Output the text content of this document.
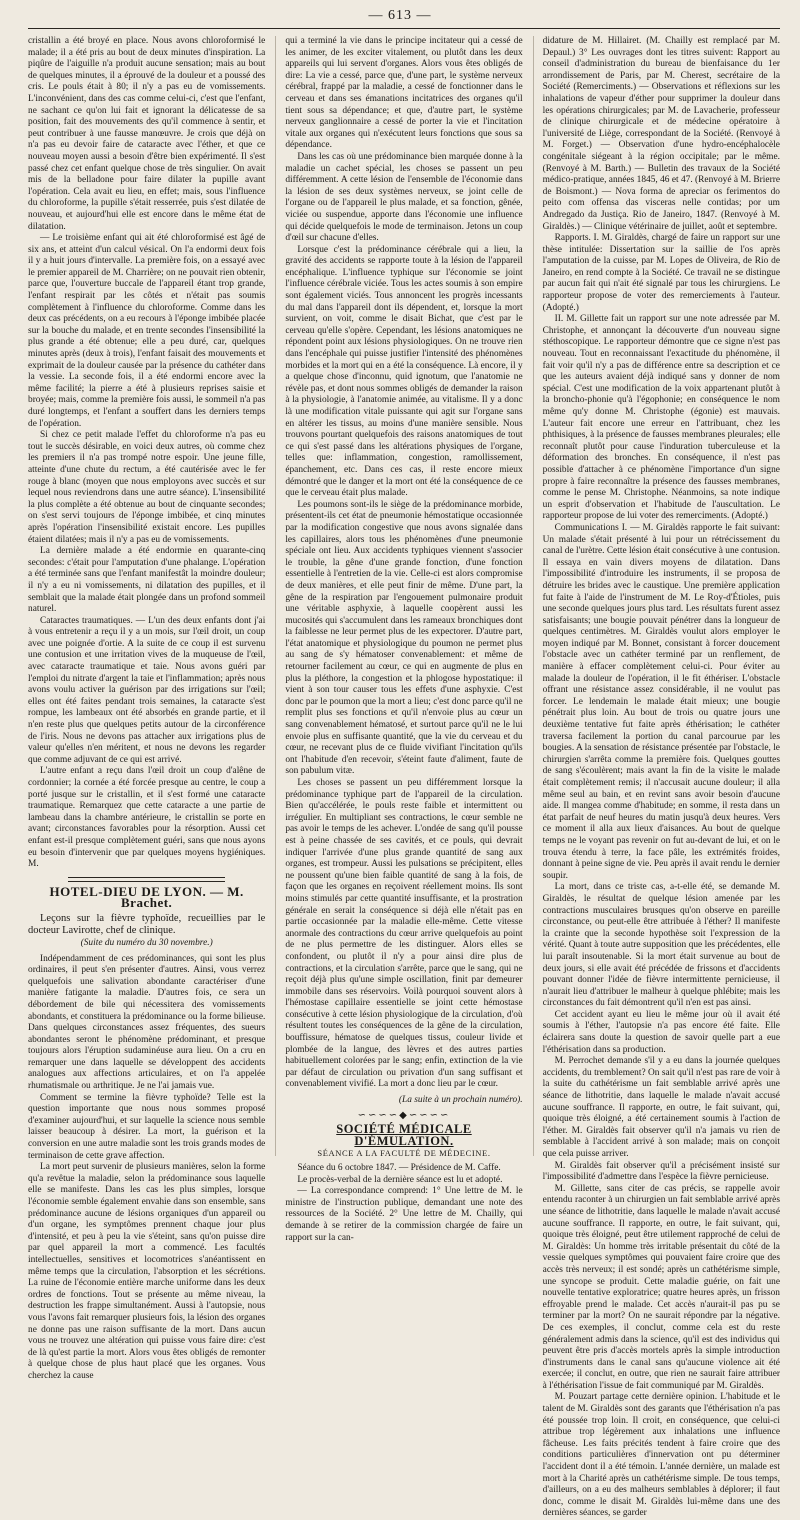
— 613 —

cristallin a été broyé en place. Nous avons chloroformisé le malade; il a été pris au bout de deux minutes d'inspiration. La piqûre de l'aiguille n'a produit aucune sensation; mais au bout de quelques minutes, il a éprouvé de la douleur et a poussé des cris. Le pouls était à 80; il n'y a pas eu de vomissements. L'inconvénient, dans des cas comme celui-ci, c'est que l'enfant, ne sachant ce qu'on lui fait et ignorant la délicatesse de sa position, fait des mouvements des qu'il commence à sentir, et peut contribuer à une fausse manœuvre. Je crois que déjà on n'a pas eu devoir faire de cataracte avec l'éther, et que ce nouveau moyen aussi a besoin d'être bien expérimenté. Il s'est passé chez cet enfant quelque chose de très singulier. On avait mis de la belladone pour faire dilater la pupille avant l'opération. Cela avait eu lieu, en effet; mais, sous l'influence du chloroforme, la pupille s'était resserrée, puis s'est dilatée de nouveau, et aujourd'hui elle est encore dans le même état de dilatation.

— Le troisième enfant qui ait été chloroformisé est âgé de six ans, et atteint d'un calcul vésical. On l'a endormi deux fois il y a huit jours d'intervalle. La première fois, on a essayé avec le premier appareil de M. Charrière; on ne pouvait rien obtenir, parce que, l'ouverture buccale de l'appareil étant trop grande, l'enfant respirait par les côtés et n'était pas soumis complètement à l'influence du chloroforme. Comme dans les deux cas précédents, on a eu recours à l'éponge imbibée placée sur la bouche du malade, et en trente secondes l'insensibilité la plus grande a été obtenue; elle a peu duré, car, quelques minutes après (deux à trois), l'enfant faisait des mouvements et exprimait de la douleur causée par la présence du cathéter dans la vessie. La seconde fois, il a été endormi encore avec la même facilité; la pierre a été à plusieurs reprises saisie et broyée; mais, comme la première fois aussi, le sommeil n'a pas duré longtemps, et l'enfant a souffert dans les derniers temps de l'opération.

Si chez ce petit malade l'effet du chloroforme n'a pas eu tout le succès désirable, en voici deux autres, où comme chez les premiers il n'a pas trompé notre espoir. Une jeune fille, atteinte d'une chute du rectum, a été cautérisée avec le fer rouge à blanc (moyen que nous employons avec succès et sur lequel nous reviendrons dans une autre séance). L'insensibilité la plus complète a été obtenue au bout de cinquante secondes; on s'est servi toujours de l'éponge imbibée, et cinq minutes après l'opération l'insensibilité existait encore. Les pupilles étaient dilatées; mais il n'y a pas eu de vomissements.

La dernière malade a été endormie en quarante-cinq secondes: c'était pour l'amputation d'une phalange. L'opération a été terminée sans que l'enfant manifestât la moindre douleur; il n'y a eu ni vomissements, ni dilatation des pupilles, et il semblait que la malade était plongée dans un profond sommeil naturel.

Cataractes traumatiques. — L'un des deux enfants dont j'ai à vous entretenir a reçu il y a un mois, sur l'œil droit, un coup avec une poignée d'ortie. A la suite de ce coup il est survenu une contusion et une irritation vives de la muqueuse de l'œil, avec cataracte traumatique et taie. Nous avons guéri par l'emploi du nitrate d'argent la taie et l'inflammation; après nous avons voulu activer la guérison par des irrigations sur l'œil; elles ont été faites pendant trois semaines, la cataracte s'est rompue, les lambeaux ont été absorbés en grande partie, et il n'en reste plus que quelques petits autour de la circonférence de l'iris. Nous ne devons pas attacher aux irrigations plus de valeur qu'elles n'en méritent, et nous ne devons les regarder que comme adjuvant de ce qui est arrivé.

L'autre enfant a reçu dans l'œil droit un coup d'alêne de cordonnier; la cornée a été forcée presque au centre, le coup a porté jusque sur le cristallin, et il s'est formé une cataracte traumatique. Remarquez que cette cataracte a une partie de lambeau dans la chambre antérieure, le cristallin se porte en avant; circonstances favorables pour la résorption. Aussi cet enfant est-il presque complètement guéri, sans que nous ayons eu besoin d'intervenir que par quelques moyens hygiéniques. M.

HOTEL-DIEU DE LYON. — M. Brachet.

Leçons sur la fièvre typhoïde, recueillies par le docteur Lavirotte, chef de clinique.

(Suite du numéro du 30 novembre.)

Indépendamment de ces prédominances, qui sont les plus ordinaires, il peut s'en présenter d'autres. Ainsi, vous verrez quelquefois une salivation abondante caractériser d'une manière fatigante la maladie. D'autres fois, ce sera un débordement de bile qui nécessitera des vomissements abondants, et constituera la prédominance ou la forme bilieuse. Dans quelques circonstances assez fréquentes, des sueurs abondantes seront le phénomène prédominant, et presque toujours alors l'éruption sudaminéuse aura lieu. On a cru en remarquer une dans laquelle se développent des accidents analogues aux affections articulaires, et on l'a appelée rhumatismale ou arthritique. Je ne l'ai jamais vue.

Comment se termine la fièvre typhoïde? Telle est la question importante que nous nous sommes proposé d'examiner aujourd'hui, et sur laquelle la science nous semble laisser beaucoup à désirer. La mort, la guérison et la conversion en une autre maladie sont les trois grands modes de terminaison de cette grave affection.

La mort peut survenir de plusieurs manières, selon la forme qu'a revêtue la maladie, selon la prédominance sous laquelle elle se manifeste. Dans les cas les plus simples, lorsque l'économie semble également envahie dans son ensemble, sans prédominance aucune de lésions organiques d'un appareil ou d'un organe, les symptômes prennent chaque jour plus d'intensité, et peu à peu la vie s'éteint, sans qu'on puisse dire par quel appareil la mort a commencé. Les facultés intellectuelles, sensitives et locomotrices s'anéantissent en même temps que la circulation, l'absorption et les sécrétions. La ruine de l'économie entière marche uniforme dans les deux ordres de fonctions. Tout se présente au même niveau, la destruction les frappe simultanément. Aussi à l'autopsie, nous vous l'avons fait remarquer plusieurs fois, la lésion des organes ne donne pas une raison suffisante de la mort. Dans aucun vous ne trouvez une altération qui puisse vous faire dire: c'est de là qu'est partie la mort. Alors vous êtes obligés de remonter à quelque chose de plus haut placé que les organes. Vous cherchez la cause

qui a terminé la vie dans le principe incitateur qui a cessé de les animer, de les exciter vitalement, ou plutôt dans les deux appareils qui lui servent d'organes. Alors vous êtes obligés de dire: La vie a cessé, parce que, d'une part, le système nerveux cérébral, frappé par la maladie, a cessé de fonctionner dans le cerveau et dans ses émanations incitatrices des organes qu'il tient sous sa dépendance; et que, d'autre part, le système nerveux ganglionnaire a cessé de porter la vie et l'incitation vitale aux organes qui n'exécutent leurs fonctions que sous sa dépendance.

Dans les cas où une prédominance bien marquée donne à la maladie un cachet spécial, les choses se passent un peu différemment. A cette lésion de l'ensemble de l'économie dans la lésion de ses deux systèmes nerveux, se joint celle de l'organe ou de l'appareil le plus malade, et sa fonction, gênée, viciée ou suspendue, apporte dans l'économie une influence qui décide quelquefois le mode de terminaison. Jetons un coup d'œil sur chacune d'elles.

Lorsque c'est la prédominance cérébrale qui a lieu, la gravité des accidents se rapporte toute à la lésion de l'appareil encéphalique. L'influence typhique sur l'économie se joint l'influence cérébrale viciée. Tous les actes soumis à son empire sont également viciés. Tous annoncent les progrès incessants du mal dans l'appareil dont ils dépendent, et, lorsque la mort survient, on voit, comme le disait Bichat, que c'est par le cerveau qu'elle s'opère. Cependant, les lésions anatomiques ne répondent point aux lésions physiologiques. On ne trouve rien dans l'encéphale qui puisse justifier l'intensité des phénomènes morbides et la mort qui en a été la conséquence. Là encore, il y a quelque chose d'inconnu, quid ignotum, que l'anatomie ne révèle pas, et dont nous sommes obligés de demander la raison à la physiologie, à l'anatomie animée, au vitalisme. Il y a donc là une modification vitale puissante qui agit sur l'organe sans en altérer les tissus, au moins d'une manière sensible. Nous trouvons pourtant quelquefois des raisons anatomiques de tout ce qui s'est passé dans les altérations physiques de l'organe, telles que: inflammation, congestion, ramollissement, épanchement, etc. Dans ces cas, il reste encore mieux démontré que le danger et la mort ont été la conséquence de ce que le cerveau était plus malade.

Les poumons sont-ils le siège de la prédominance morbide, présentent-ils cet état de pneumonie hémostatique occasionnée par la modification congestive que nous avons signalée dans les capillaires, alors tous les phénomènes d'une pneumonie spéciale ont lieu. Aux accidents typhiques viennent s'associer le trouble, la gêne d'une grande fonction, d'une fonction essentielle à l'entretien de la vie. Celle-ci est alors compromise de deux manières, et elle peut finir de même. D'une part, la gêne de la respiration par l'engouement pulmonaire produit une véritable asphyxie, à laquelle coopèrent aussi les mucosités qui s'accumulent dans les rameaux bronchiques dont la faiblesse ne leur permet plus de les expectorer. D'autre part, l'état anatomique et physiologique du poumon ne permet plus au sang de s'y hématoser convenablement: et même de retourner facilement au cœur, ce qui en augmente de plus en plus la pléthore, la congestion et la phlogose hypostatique: il vient à son tour causer tous les effets d'une asphyxie. C'est donc par le poumon que la mort a lieu; c'est donc parce qu'il ne remplit plus ses fonctions et qu'il n'envoie plus au cœur un sang convenablement hématosé, et surtout parce qu'il ne le lui envoie plus en suffisante quantité, que la vie du cerveau et du cœur, ne recevant plus de ce fluide vivifiant l'incitation qu'ils ont l'habitude d'en recevoir, s'éteint faute d'aliment, faute de son pabulum vitæ.

Les choses se passent un peu différemment lorsque la prédominance typhique part de l'appareil de la circulation. Bien qu'accélérée, le pouls reste faible et intermittent ou irrégulier. En multipliant ses contractions, le cœur semble ne pas avoir le temps de les achever. L'ondée de sang qu'il pousse est à peine chassée de ses cavités, et ce pouls, qui devrait indiquer l'arrivée d'une plus grande quantité de sang aux organes, est trompeur. Aussi les pulsations se précipitent, elles ne poussent qu'une bien faible quantité de sang à la fois, de façon que les organes en reçoivent réellement moins. Ils sont moins stimulés par cette quantité insuffisante, et la prostration générale en serait la conséquence si déjà elle n'était pas en partie occasionnée par la maladie elle-même. Cette vitesse anormale des contractions du cœur arrive quelquefois au point de ne plus permettre de les distinguer. Alors elles se confondent, ou plutôt il n'y a pour ainsi dire plus de contractions, et la circulation s'arrête, parce que le sang, qui ne reçoit déjà plus qu'une simple oscillation, finit par demeurer immobile dans ses réservoirs. Voilà pourquoi souvent alors à l'hémostase capillaire essentielle se joint cette hémostase consécutive à cette lésion physiologique de la circulation, d'où résultent toutes les conséquences de la gêne de la circulation, bouffissure, hématose de quelques tissus, couleur livide et plombée de la langue, des lèvres et des autres parties habituellement colorées par le sang; enfin, extinction de la vie par défaut de circulation ou privation d'un sang suffisant et convenablement vivifié. La mort a donc lieu par le cœur.

(La suite à un prochain numéro).
∽∽∽∽◆∽∽∽∽
SOCIÉTÉ MÉDICALE D'ÉMULATION.
SÉANCE A LA FACULTÉ DE MÉDECINE.

Séance du 6 octobre 1847. — Présidence de M. Caffe.

Le procès-verbal de la dernière séance est lu et adopté.

— La correspondance comprend: 1° Une lettre de M. le ministre de l'instruction publique, demandant une note des ressources de la Société. 2° Une lettre de M. Chailly, qui demande à se retirer de la commission chargée de faire un rapport sur la can-

didature de M. Hillairet. (M. Chailly est remplacé par M. Depaul.) 3° Les ouvrages dont les titres suivent: Rapport au conseil d'administration du bureau de bienfaisance du 1er arrondissement de Paris, par M. Cherest, secrétaire de la Société (Remerciments.) — Observations et réflexions sur les inhalations de vapeur d'éther pour supprimer la douleur dans les opérations chirurgicales; par M. de Lavacherie, professeur de clinique chirurgicale et de médecine opératoire à l'université de Liège, correspondant de la Société. (Renvoyé à M. Forget.) — Observation d'une hydro-encéphalocèle congénitale siégeant à la région occipitale; par le même. (Renvoyé à M. Barth.) — Bulletin des travaux de la Société médico-pratique, années 1845, 46 et 47. (Renvoyé à M. Brierre de Boismont.) — Nova forma de apreciar os ferimentos do peito com offensa das visceras nelle contidas; por um Andregado da Justiça. Rio de Janeiro, 1847. (Renvoyé à M. Giraldès.) — Clinique vétérinaire de juillet, août et septembre.

Rapports. I. M. Giraldès, chargé de faire un rapport sur une thèse intitulée: Dissertation sur la saillie de l'os après l'amputation de la cuisse, par M. Lopes de Oliveira, de Rio de Janeiro, en rend compte à la Société. Ce travail ne se distingue par aucun fait qui n'ait été signalé par tous les chirurgiens. Le rapporteur propose de voter des remerciements à l'auteur. (Adopté.)

II. M. Gillette fait un rapport sur une note adressée par M. Christophe, et annonçant la découverte d'un nouveau signe stéthoscopique. Le rapporteur démontre que ce signe n'est pas nouveau. Tout en reconnaissant l'exactitude du phénomène, il fait voir qu'il n'y a pas de différence entre sa description et ce que les auteurs avaient déjà indiqué sans y donner de nom spécial. C'est une modification de la voix appartenant plutôt à la broncho-phonie qu'à l'égophonie; en conséquence le nom même qu'y donne M. Christophe (égonie) est mauvais. L'auteur fait encore une erreur en l'attribuant, chez les phthisiques, à la présence de fausses membranes pleurales; elle reconnaît plutôt pour cause l'induration tuberculeuse et la déformation des bronches. En conséquence, il n'est pas possible d'attacher à ce phénomène l'importance d'un signe propre à faire reconnaître la présence des fausses membranes, comme le pense M. Christophe. Néanmoins, sa note indique un esprit d'observation et l'habitude de l'auscultation. Le rapporteur propose de lui voter des remerciments. (Adopté.)

Communications I. — M. Giraldès rapporte le fait suivant: Un malade s'était présenté à lui pour un rétrécissement du canal de l'urètre. Cette lésion était consécutive à une contusion. Il essaya en vain divers moyens de dilatation. Dans l'impossibilité d'introduire les instruments, il se proposa de détruire les brides avec le caustique. Une première application fut faite à l'aide de l'instrument de M. Le Roy-d'Étioles, puis une seconde quelques jours plus tard. Les résultats furent assez satisfaisants; une bougie pouvait pénétrer dans la longueur de quelques centimètres. M. Giraldès voulut alors employer le moyen indiqué par M. Bonnet, consistant à forcer doucement l'obstacle avec un cathéter terminé par un renflement, de manière à effacer complètement celui-ci. Pour éviter au malade la douleur de l'opération, il le fit éthériser. L'obstacle offrant une résistance assez considérable, il ne voulut pas forcer. Le lendemain le malade était mieux; une bougie pénétrait plus loin. Au bout de trois ou quatre jours une deuxième tentative fut faite après éthérisation; le cathéter traversa facilement la portion du canal parcourue par les bougies. A la sensation de résistance présentée par l'obstacle, le chirurgien s'arrêta comme la première fois. Quelques gouttes de sang s'écoulèrent; mais avant la fin de la visite le malade était complètement remis; il n'accusait aucune douleur; il alla même seul au bain, et en revint sans avoir besoin d'aucune aide. Il mangea comme d'habitude; en somme, il resta dans un état parfait de neuf heures du matin jusqu'à deux heures. Vers ce moment il alla aux lieux d'aisances. Au bout de quelque temps ne le voyant pas revenir on fut au-devant de lui, et on le trouva étendu à terre, la face pâle, les extrémités froides, donnant à peine signe de vie. Peu après il avait rendu le dernier soupir.

La mort, dans ce triste cas, a-t-elle été, se demande M. Giraldès, le résultat de quelque lésion amenée par les contractions musculaires brusques qu'on observe en pareille circonstance, ou peut-elle être attribuée à l'éther? Il manifeste la crainte que la seconde hypothèse soit l'expression de la vérité. Quant à toute autre supposition que les précédentes, elle lui paraît insoutenable. Si la mort était survenue au bout de deux jours, si elle avait été précédée de frissons et d'accidents pouvant donner l'idée de fièvre intermittente pernicieuse, il n'aurait lieu d'attribuer le malheur à quelque phlébite; mais les circonstances du fait démontrent qu'il n'en est pas ainsi.

Cet accident ayant eu lieu le même jour où il avait été soumis à l'éther, l'autopsie n'a pas encore été faite. Elle éclairera sans doute la question de savoir quelle part a eue l'éthérisation dans sa production.

M. Perrochet demande s'il y a eu dans la journée quelques accidents, du tremblement? On sait qu'il n'est pas rare de voir à la suite du cathétérisme un fait semblable arrivé après une séance de lithotritie, dans laquelle le malade n'avait accusé aucune souffrance. Il rapporte, en outre, le fait suivant, qui, quoique très éloigné, a été certainement soumis à l'action de l'éther. M. Giraldès fait observer qu'il n'a jamais vu rien de semblable à l'accident arrivé à son malade; mais on conçoit que cela puisse arriver.

M. Giraldès fait observer qu'il a précisément insisté sur l'impossibilité d'admettre dans l'espèce la fièvre pernicieuse.

M. Gillette, sans citer de cas précis, se rappelle avoir entendu raconter à un chirurgien un fait semblable arrivé après une séance de lithotritie, dans laquelle le malade n'avait accusé aucune souffrance. Il rapporte, en outre, le fait suivant, qui, quoique très éloigné, peut être utilement rapproché de celui de M. Giraldès: Un homme très irritable présentait du côté de la vessie quelques symptômes qui pouvaient faire croire que des accès très nerveux; il est sondé; après un cathétérisme simple, une syncope se produit. Cette maladie guérie, on fait une nouvelle tentative exploratrice; quatre heures après, un frisson effroyable prend le malade. Cet accès n'aurait-il pas pu se terminer par la mort? On ne saurait répondre par la négative. De ces exemples, il conclut, comme cela est du reste généralement admis dans la science, qu'il est des individus qui peuvent être pris d'accès mortels après la simple introduction d'instruments dans le canal sans qu'aucune violence ait été exercée; il conclut, en outre, que rien ne saurait faire attribuer à l'éthérisation l'issue de fait communiqué par M. Giraldès.

M. Pouzart partage cette dernière opinion. L'habitude et le talent de M. Giraldès sont des garants que l'éthérisation n'a pas été poussée trop loin. Il croit, en conséquence, que celui-ci attribue trop légèrement aux inhalations une influence fâcheuse. Les faits précités tendent à faire croire que des conditions particulières d'innervation ont pu déterminer l'accident dont il a été témoin. L'année dernière, un malade est mort à la Charité après un cathétérisme simple. De tous temps, d'ailleurs, on a eu des malheurs semblables à déplorer; il faut donc, comme le disait M. Giraldès lui-même dans une des dernières séances, se garder
